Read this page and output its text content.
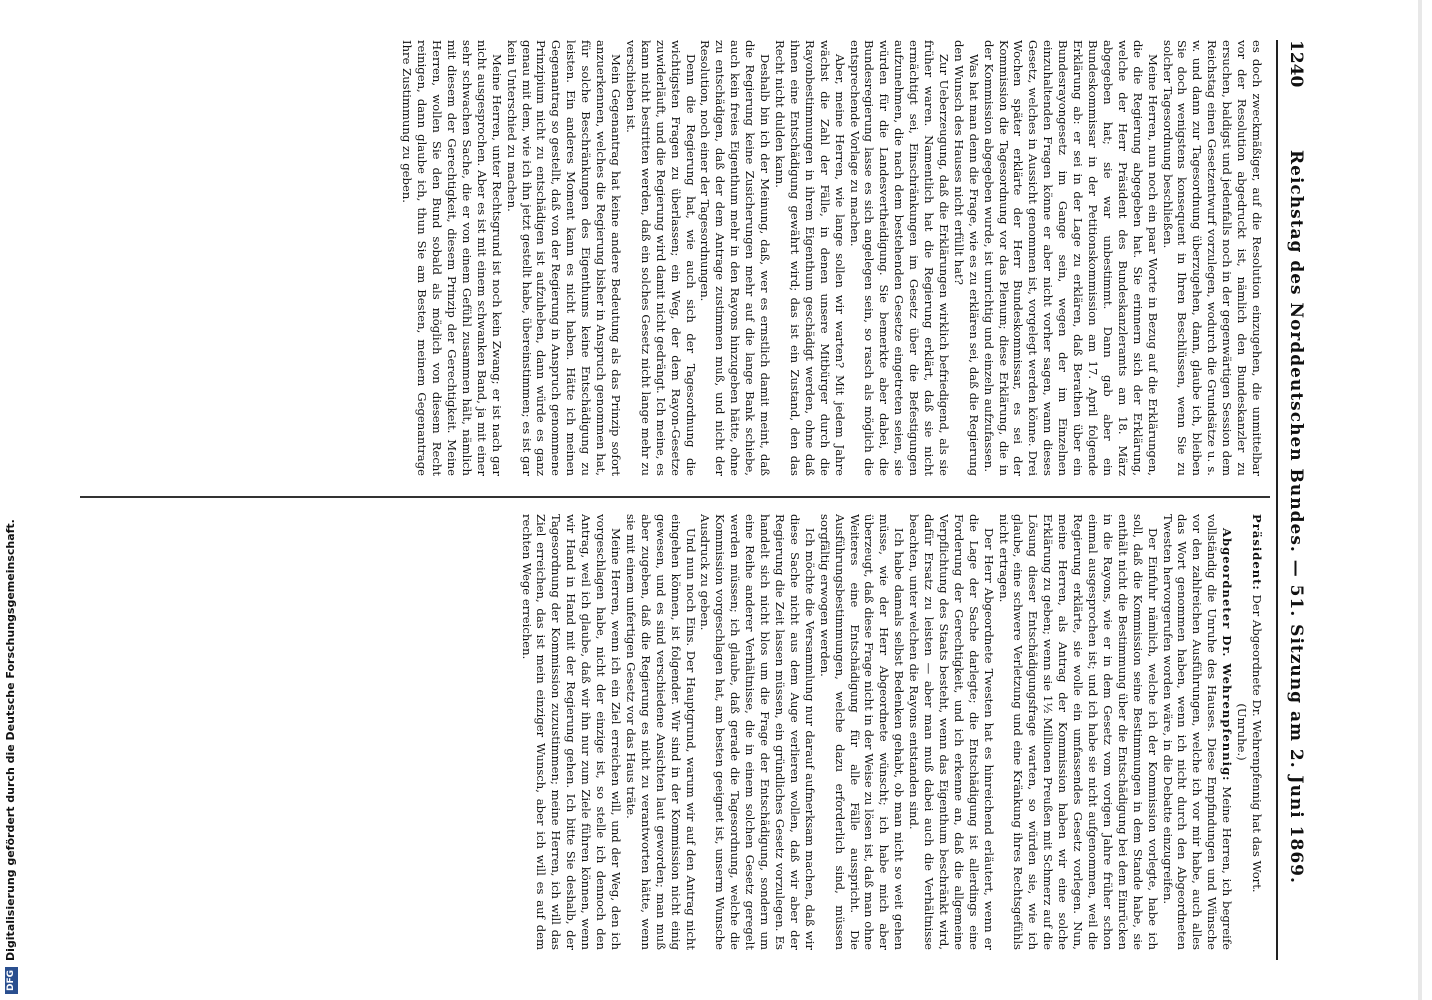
1240
Reichstag des Norddeutschen Bundes. — 51. Sitzung am 2. Juni 1869.

es doch zweckmäßiger, auf die Resolution einzugehen, die unmittelbar vor der Resolution abgedruckt ist, nämlich den Bundeskanzler zu ersuchen, baldigst und jedenfalls noch in der gegenwärtigen Session dem Reichstag einen Gesetzentwurf vorzulegen, wodurch die Grundsätze u. s. w. und dann zur Tagesordnung überzugehen, dann, glaube ich, bleiben Sie doch wenigstens konsequent in Ihren Beschlüssen, wenn Sie zu solcher Tagesordnung beschließen.

Meine Herren, nun noch ein paar Worte in Bezug auf die Erklärungen, die die Regierung abgegeben hat. Sie erinnern sich der Erklärung, welche der Herr Präsident des Bundeskanzleramts am 18. März abgegeben hat; sie war unbestimmt. Dann gab aber ein Bundeskommissar in der Petitionskommission am 17. April folgende Erklärung ab: er sei in der Lage zu erklären, daß Berathen über ein Bundesrayongesetz im Gange sein, wegen der im Einzelnen einzuhaltenden Fragen könne er aber nicht vorher sagen, wann dieses Gesetz, welches in Aussicht genommen ist, vorgelegt werden könne. Drei Wochen später erklärte der Herr Bundeskommissar, es sei der Kommission die Tagesordnung vor das Plenum; diese Erklärung, die in der Kommission abgegeben wurde, ist unrichtig und einzeln aufzufassen.

Was hat man denn die Frage, wie es zu erklären sei, daß die Regierung den Wunsch des Hauses nicht erfüllt hat?

Zur Ueberzeugung, daß die Erklärungen wirklich befriedigend, als sie früher waren. Namentlich hat die Regierung erklärt, daß sie nicht ermächtigt sei, Einschränkungen im Gesetz über die Befestigungen aufzunehmen, die nach dem bestehenden Gesetze eingetreten seien, sie würden für die Landesvertheidigung. Sie bemerkte aber dabei, die Bundesregierung lasse es sich angelegen sein, so rasch als möglich die entsprechende Vorlage zu machen.

Aber, meine Herren, wie lange sollen wir warten? Mit jedem Jahre wächst die Zahl der Fälle, in denen unsere Mitbürger durch die Rayonbestimmungen in ihrem Eigenthum geschädigt werden, ohne daß ihnen eine Entschädigung gewährt wird; das ist ein Zustand, den das Recht nicht dulden kann.

Deshalb bin ich der Meinung, daß, wer es ernstlich damit meint, daß die Regierung keine Zusicherungen mehr auf die lange Bank schiebe, auch kein freies Eigenthum mehr in den Rayons hinzugeben hätte, ohne zu entschädigen, daß der dem Antrage zustimmen muß, und nicht der Resolution, noch einer der Tagesordnungen.

Denn die Regierung hat, wie auch sich der Tagesordnung die wichtigsten Fragen zu überlassen; ein Weg, der dem Rayon-Gesetze zuwiderläuft, und die Regierung wird damit nicht gedrängt. Ich meine, es kann nicht bestritten werden, daß ein solches Gesetz nicht lange mehr zu verschieben ist.

Mein Gegenantrag hat keine andere Bedeutung als das Prinzip sofort anzuerkennen, welches die Regierung bisher in Anspruch genommen hat, für solche Beschränkungen des Eigenthums keine Entschädigung zu leisten. Ein anderes Moment kann es nicht haben. Hätte ich meinen Gegenantrag so gestellt, daß von der Regierung in Anspruch genommene Prinzipium nicht zu entschädigen ist aufzuheben, dann würde es ganz genau mit dem, wie ich ihn jetzt gestellt habe, übereinstimmen; es ist gar kein Unterschied zu machen.

Meine Herren, unter Rechtsgrund ist noch kein Zwang; er ist nach gar nicht ausgesprochen. Aber es ist mit einem schwanken Band, ja mit einer sehr schwachen Sache, die er von einem Gefühl zusammen hält, nämlich mit diesem der Gerechtigkeit, diesem Prinzip der Gerechtigkeit. Meine Herren, wollen Sie den Bund sobald als möglich von diesem Recht reinigen, dann glaube ich, thun Sie am Besten, meinem Gegenantrage Ihre Zustimmung zu geben.

Präsident: Der Abgeordnete Dr. Wehrenpfennig hat das Wort.

(Unruhe.)

Abgeordneter Dr. Wehrenpfennig: Meine Herren, ich begreife vollständig die Unruhe des Hauses. Diese Empfindungen und Wünsche vor den zahlreichen Ausführungen, welche ich vor mir habe, auch alles das Wort genommen haben, wenn ich nicht durch den Abgeordneten Twesten hervorgerufen worden wäre, in die Debatte einzugreifen.

Der Einfuhr nämlich, welche ich der Kommission vorlegte, habe ich soll, daß die Kommission seine Bestimmungen in dem Stande habe, sie enthält nicht die Bestimmung über die Entschädigung bei dem Einrücken in die Rayons, wie er in dem Gesetz vom vorigen Jahre früher schon einmal ausgesprochen ist; und ich habe sie nicht aufgenommen, weil die Regierung erklärte, sie wolle ein umfassendes Gesetz vorlegen. Nun, meine Herren, als Antrag der Kommission haben wir eine solche Erklärung zu geben; wenn sie 1½ Millionen Preußen mit Schmerz auf die Lösung dieser Entschädigungsfrage warten, so würden sie, wie ich glaube, eine schwere Verletzung und eine Kränkung ihres Rechtsgefühls nicht ertragen.

Der Herr Abgeordnete Twesten hat es hinreichend erläutert, wenn er die Lage der Sache darlegte; die Entschädigung ist allerdings eine Forderung der Gerechtigkeit, und ich erkenne an, daß die allgemeine Verpflichtung des Staats besteht, wenn das Eigenthum beschränkt wird, dafür Ersatz zu leisten — aber man muß dabei auch die Verhältnisse beachten, unter welchen die Rayons entstanden sind.

Ich habe damals selbst Bedenken gehabt, ob man nicht so weit gehen müsse, wie der Herr Abgeordnete wünscht; ich habe mich aber überzeugt, daß diese Frage nicht in der Weise zu lösen ist, daß man ohne Weiteres eine Entschädigung für alle Fälle ausspricht. Die Ausführungsbestimmungen, welche dazu erforderlich sind, müssen sorgfältig erwogen werden.

Ich möchte die Versammlung nur darauf aufmerksam machen, daß wir diese Sache nicht aus dem Auge verlieren wollen, daß wir aber der Regierung die Zeit lassen müssen, ein gründliches Gesetz vorzulegen. Es handelt sich nicht blos um die Frage der Entschädigung, sondern um eine Reihe anderer Verhältnisse, die in einem solchen Gesetz geregelt werden müssen; ich glaube, daß gerade die Tagesordnung, welche die Kommission vorgeschlagen hat, am besten geeignet ist, unserm Wunsche Ausdruck zu geben.

Und nun noch Eins. Der Hauptgrund, warum wir auf den Antrag nicht eingehen können, ist folgender. Wir sind in der Kommission nicht einig gewesen, und es sind verschiedene Ansichten laut geworden; man muß aber zugeben, daß die Regierung es nicht zu verantworten hätte, wenn sie mit einem unfertigen Gesetz vor das Haus träte.

Meine Herren, wenn ich ein Ziel erreichen will, und der Weg, den ich vorgeschlagen habe, nicht der einzige ist, so stelle ich dennoch den Antrag, weil ich glaube, daß wir ihn nur zum Ziele führen können, wenn wir Hand in Hand mit der Regierung gehen. Ich bitte Sie deshalb, der Tagesordnung der Kommission zuzustimmen; meine Herren, ich will das Ziel erreichen, das ist mein einziger Wunsch, aber ich will es auf dem rechten Wege erreichen.

DFGDigitalisierung gefördert durch die Deutsche Forschungsgemeinschaft.
